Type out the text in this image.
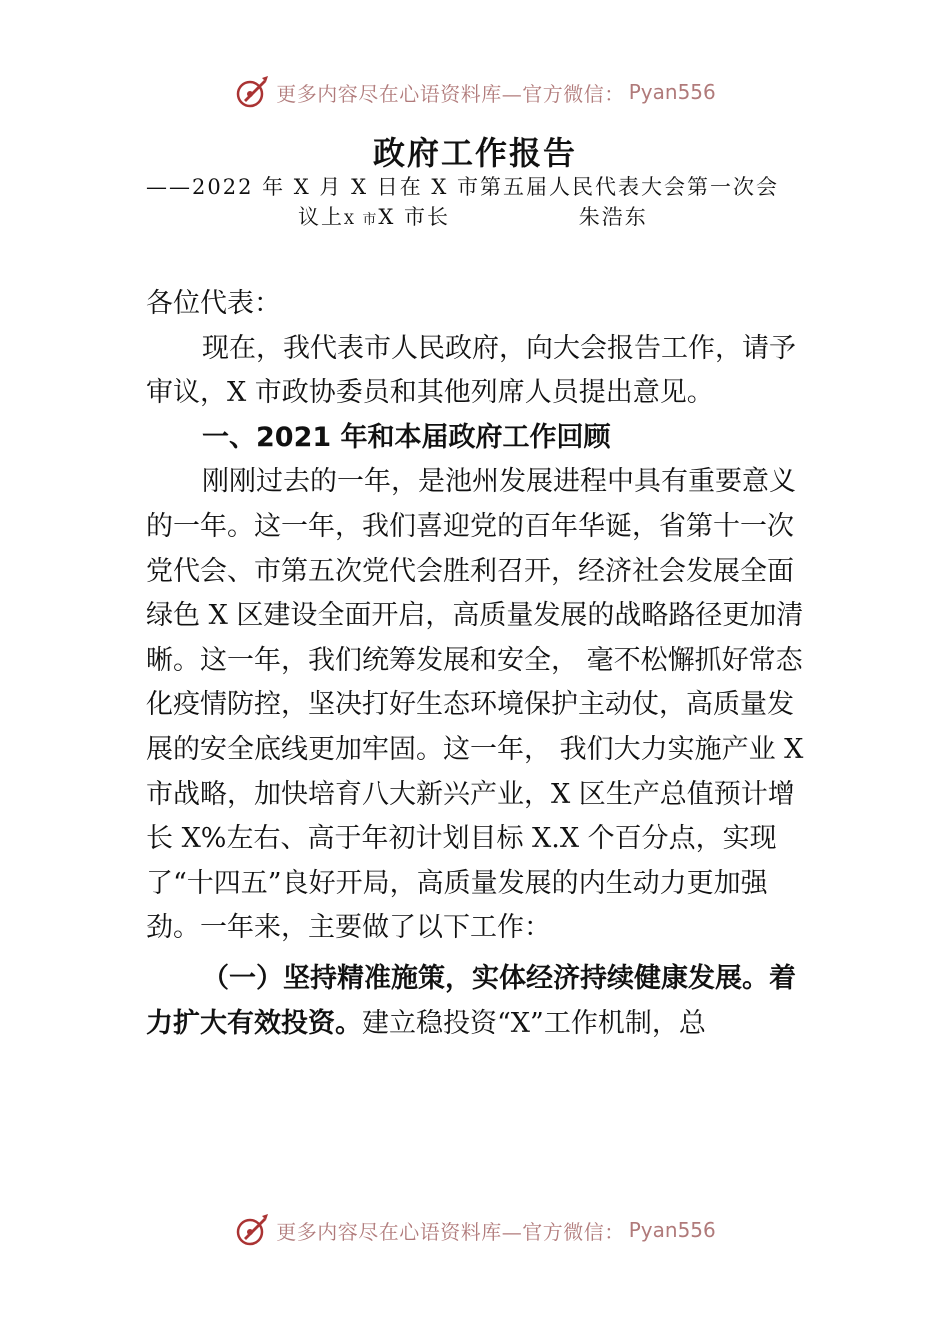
更多内容尽在心语资料库—官方微信： Pyan556
政府工作报告
——2022 年 X 月 X 日在 X 市第五届人民代表大会第一次会
议上X 市X 市长	朱浩东

各位代表：

现在，我代表市人民政府，向大会报告工作，请予审议，X 市政协委员和其他列席人员提出意见。

一、2021 年和本届政府工作回顾

刚刚过去的一年，是池州发展进程中具有重要意义的一年。这一年，我们喜迎党的百年华诞，省第十一次党代会、市第五次党代会胜利召开，经济社会发展全面绿色 X 区建设全面开启，高质量发展的战略路径更加清晰。这一年，我们统筹发展和安全， 毫不松懈抓好常态化疫情防控，坚决打好生态环境保护主动仗，高质量发展的安全底线更加牢固。这一年， 我们大力实施产业 X 市战略，加快培育八大新兴产业，X 区生产总值预计增长 X%左右、高于年初计划目标 X.X 个百分点，实现了“十四五”良好开局，高质量发展的内生动力更加强劲。一年来，主要做了以下工作：

（一）坚持精准施策，实体经济持续健康发展。着力扩大有效投资。建立稳投资“X”工作机制，总

更多内容尽在心语资料库—官方微信： Pyan556
